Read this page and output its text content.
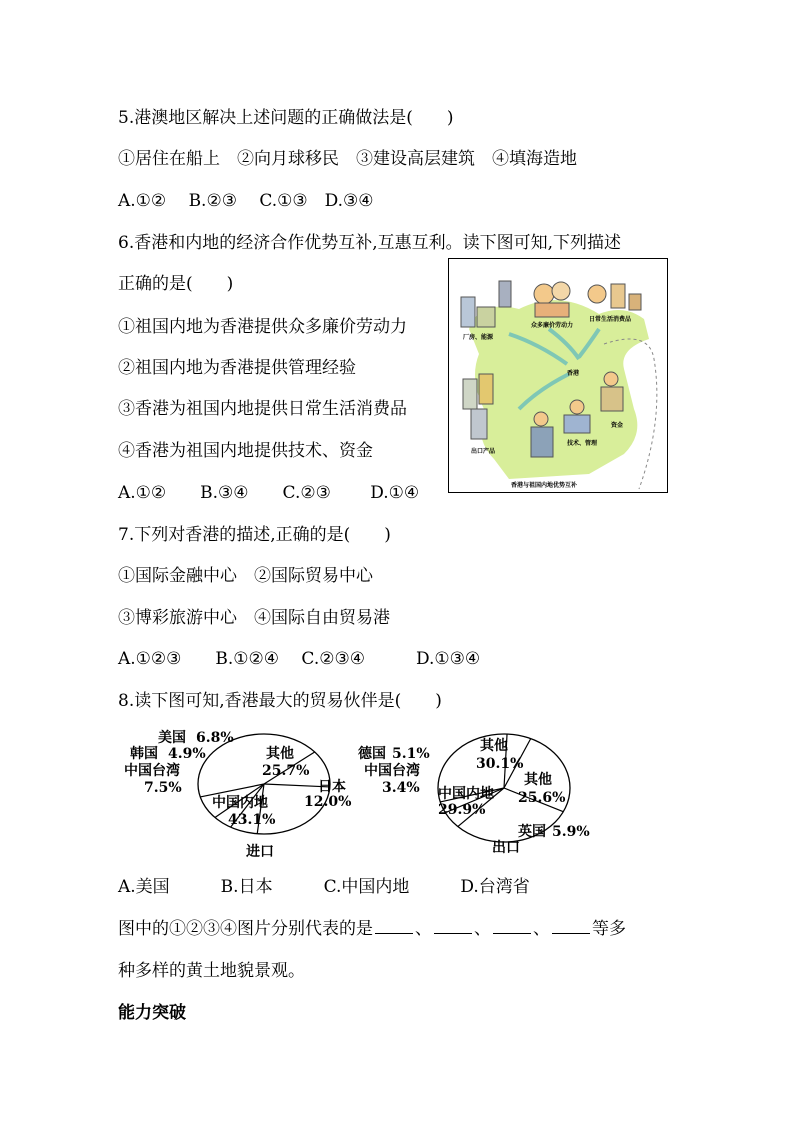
5.港澳地区解决上述问题的正确做法是(　　)
①居住在船上　②向月球移民　③建设高层建筑　④填海造地
A.①②　 B.②③　 C.①③　D.③④
6.香港和内地的经济合作优势互补,互惠互利。读下图可知,下列描述
正确的是(　　)
①祖国内地为香港提供众多廉价劳动力
②祖国内地为香港提供管理经验
③香港为祖国内地提供日常生活消费品
④香港为祖国内地提供技术、资金
A.①②　　B.③④　　C.②③　　 D.①④
厂房、能源
众多廉价劳动力
日常生活消费品
香港
资金
出口产品
技术、管理
香港与祖国内地优势互补
7.下列对香港的描述,正确的是(　　)
①国际金融中心　②国际贸易中心
③博彩旅游中心　④国际自由贸易港
A.①②③　　B.①②④　 C.②③④　　　D.①③④
8.读下图可知,香港最大的贸易伙伴是(　　)
美国 6.8%
韩国 4.9%
中国台湾
7.5%
其他
25.7%
日本
12.0%
中国内地
43.1%
进口
德国 5.1%
中国台湾
3.4%
其他
30.1%
其他
25.6%
中国内地
29.9%
英国 5.9%
出口
A.美国　　　B.日本　　　C.中国内地　　　D.台湾省
图中的①②③④图片分别代表的是 、 、 、 等多
种多样的黄土地貌景观。
能力突破
